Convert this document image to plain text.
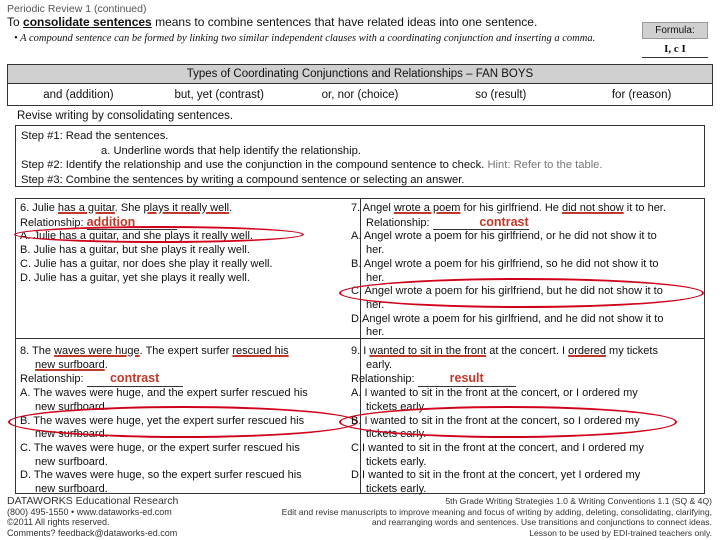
Periodic Review 1 (continued)
To consolidate sentences means to combine sentences that have related ideas into one sentence.
• A compound sentence can be formed by linking two similar independent clauses with a coordinating conjunction and inserting a comma.
Formula:
I, c I
Types of Coordinating Conjunctions and Relationships – FAN BOYS
and (addition)	but, yet (contrast)	or, nor (choice)	so (result)	for (reason)
Revise writing by consolidating sentences.
Step #1: Read the sentences.
a. Underline words that help identify the relationship.
Step #2: Identify the relationship and use the conjunction in the compound sentence to check. Hint: Refer to the table.
Step #3: Combine the sentences by writing a compound sentence or selecting an answer.
6. Julie has a guitar. She plays it really well.
Relationship: addition
A. Julie has a guitar, and she plays it really well.
B. Julie has a guitar, but she plays it really well.
C. Julie has a guitar, nor does she play it really well.
D. Julie has a guitar, yet she plays it really well.
7. Angel wrote a poem for his girlfriend. He did not show it to her.
Relationship:	contrast
A. Angel wrote a poem for his girlfriend, or he did not show it to
her.
B. Angel wrote a poem for his girlfriend, so he did not show it to
her.
C. Angel wrote a poem for his girlfriend, but he did not show it to
her.
D.Angel wrote a poem for his girlfriend, and he did not show it to
her.
8. The waves were huge. The expert surfer rescued his
new surfboard.
Relationship: contrast
A. The waves were huge, and the expert surfer rescued his
new surfboard.
B. The waves were huge, yet the expert surfer rescued his
new surfboard.
C. The waves were huge, or the expert surfer rescued his
new surfboard.
D. The waves were huge, so the expert surfer rescued his
new surfboard.
9. I wanted to sit in the front at the concert. I ordered my tickets
early.
Relationship:	result
A. I wanted to sit in the front at the concert, or I ordered my
tickets early.
B. I wanted to sit in the front at the concert, so I ordered my
tickets early.
C.I wanted to sit in the front at the concert, and I ordered my
tickets early.
D.I wanted to sit in the front at the concert, yet I ordered my
tickets early.
DATAWORKS Educational Research
(800) 495-1550 • www.dataworks-ed.com
©2011 All rights reserved.
Comments? feedback@dataworks-ed.com
5th Grade Writing Strategies 1.0 & Writing Conventions 1.1 (SQ & 4Q)
Edit and revise manuscripts to improve meaning and focus of writing by adding, deleting, consolidating, clarifying,
and rearranging words and sentences. Use transitions and conjunctions to connect ideas.
Lesson to be used by EDI-trained teachers only.
